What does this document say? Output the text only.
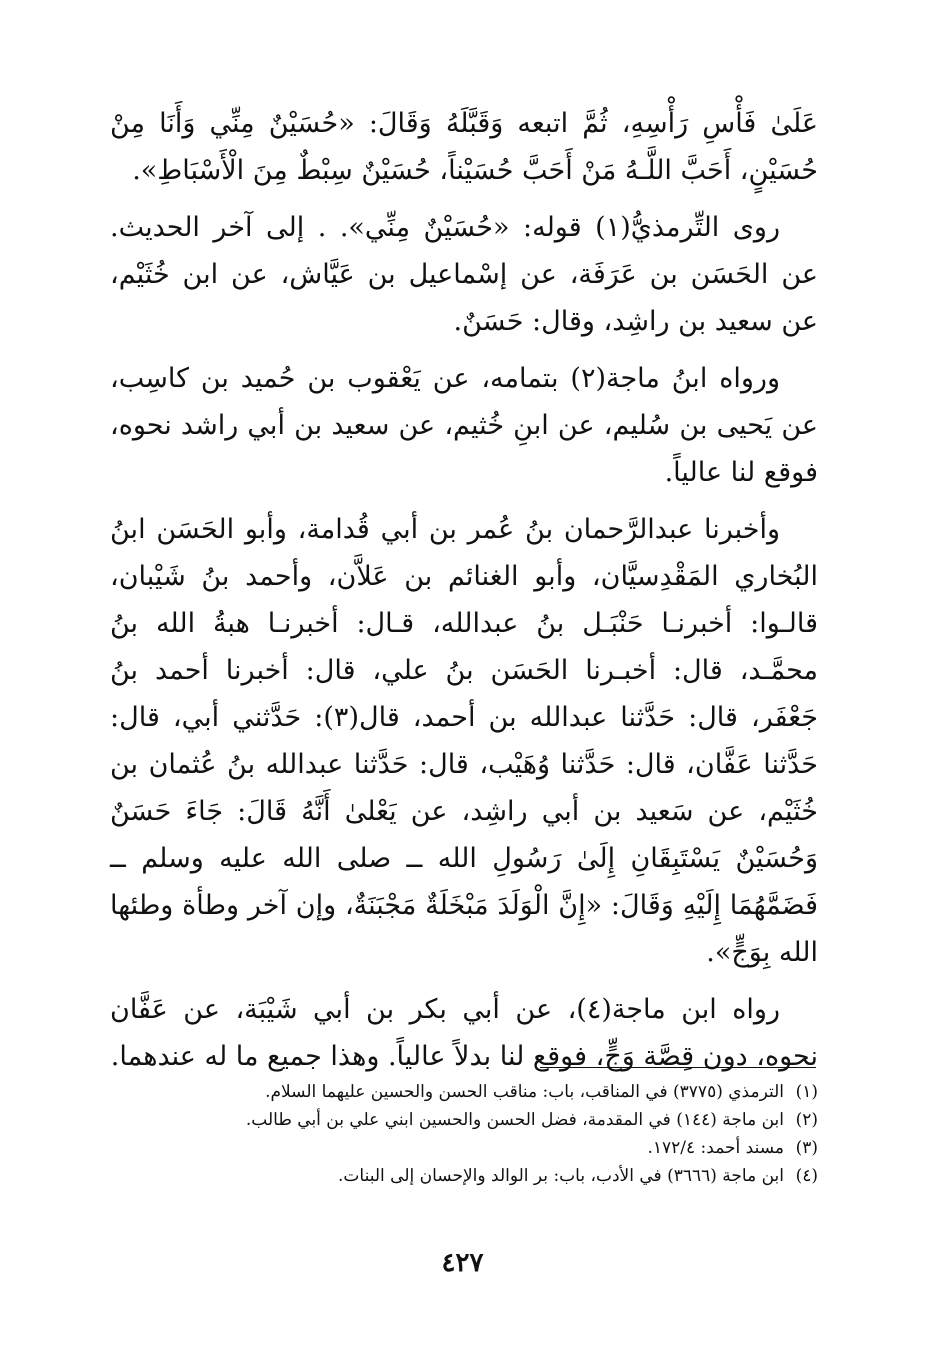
عَلَىٰ فَأْسِ رَأْسِهِ، ثُمَّ اتبعه وَقَبَّلَهُ وَقَالَ: «حُسَيْنٌ مِنِّي وَأَنَا مِنْ حُسَيْنٍ، أَحَبَّ اللَّـهُ مَنْ أَحَبَّ حُسَيْناً، حُسَيْنٌ سِبْطٌ مِنَ الْأَسْبَاطِ».

روى التِّرمذيُّ(١) قوله: «حُسَيْنٌ مِنِّي». . إلى آخر الحديث. عن الحَسَن بن عَرَفَة، عن إسْماعيل بن عَيَّاش، عن ابن خُثَيْم، عن سعيد بن راشِد، وقال: حَسَنٌ.

ورواه ابنُ ماجة(٢) بتمامه، عن يَعْقوب بن حُميد بن كاسِب، عن يَحيى بن سُليم، عن ابنِ خُثيم، عن سعيد بن أبي راشد نحوه، فوقع لنا عالياً.

وأخبرنا عبدالرَّحمان بنُ عُمر بن أبي قُدامة، وأبو الحَسَن ابنُ البُخاري المَقْدِسيَّان، وأبو الغنائم بن عَلاَّن، وأحمد بنُ شَيْبان، قالـوا: أخبرنـا حَنْبَـل بنُ عبدالله، قـال: أخبرنـا هبةُ الله بنُ محمَّـد، قال: أخبـرنا الحَسَن بنُ علي، قال: أخبرنا أحمد بنُ جَعْفَر، قال: حَدَّثنا عبدالله بن أحمد، قال(٣): حَدَّثني أبي، قال: حَدَّثنا عَفَّان، قال: حَدَّثنا وُهَيْب، قال: حَدَّثنا عبدالله بنُ عُثمان بن خُثَيْم، عن سَعيد بن أبي راشِد، عن يَعْلىٰ أَنَّهُ قَالَ: جَاءَ حَسَنٌ وَحُسَيْنٌ يَسْتَبِقَانِ إِلَىٰ رَسُولِ الله ــ صلى الله عليه وسلم ــ فَضَمَّهُمَا إِلَيْهِ وَقَالَ: «إِنَّ الْوَلَدَ مَبْخَلَةٌ مَجْبَنَةٌ، وإن آخر وطأة وطئها الله بِوَجٍّ».

رواه ابن ماجة(٤)، عن أبي بكر بن أبي شَيْبَة، عن عَفَّان نحوه، دون قِصَّة وَجٍّ، فوقع لنا بدلاً عالياً. وهذا جميع ما له عندهما.

(١)
الترمذي (٣٧٧٥) في المناقب، باب: مناقب الحسن والحسين عليهما السلام.
(٢)
ابن ماجة (١٤٤) في المقدمة، فضل الحسن والحسين ابني علي بن أبي طالب.
(٣)
مسند أحمد: ١٧٢/٤.
(٤)
ابن ماجة (٣٦٦٦) في الأدب، باب: بر الوالد والإحسان إلى البنات.
٤٢٧
